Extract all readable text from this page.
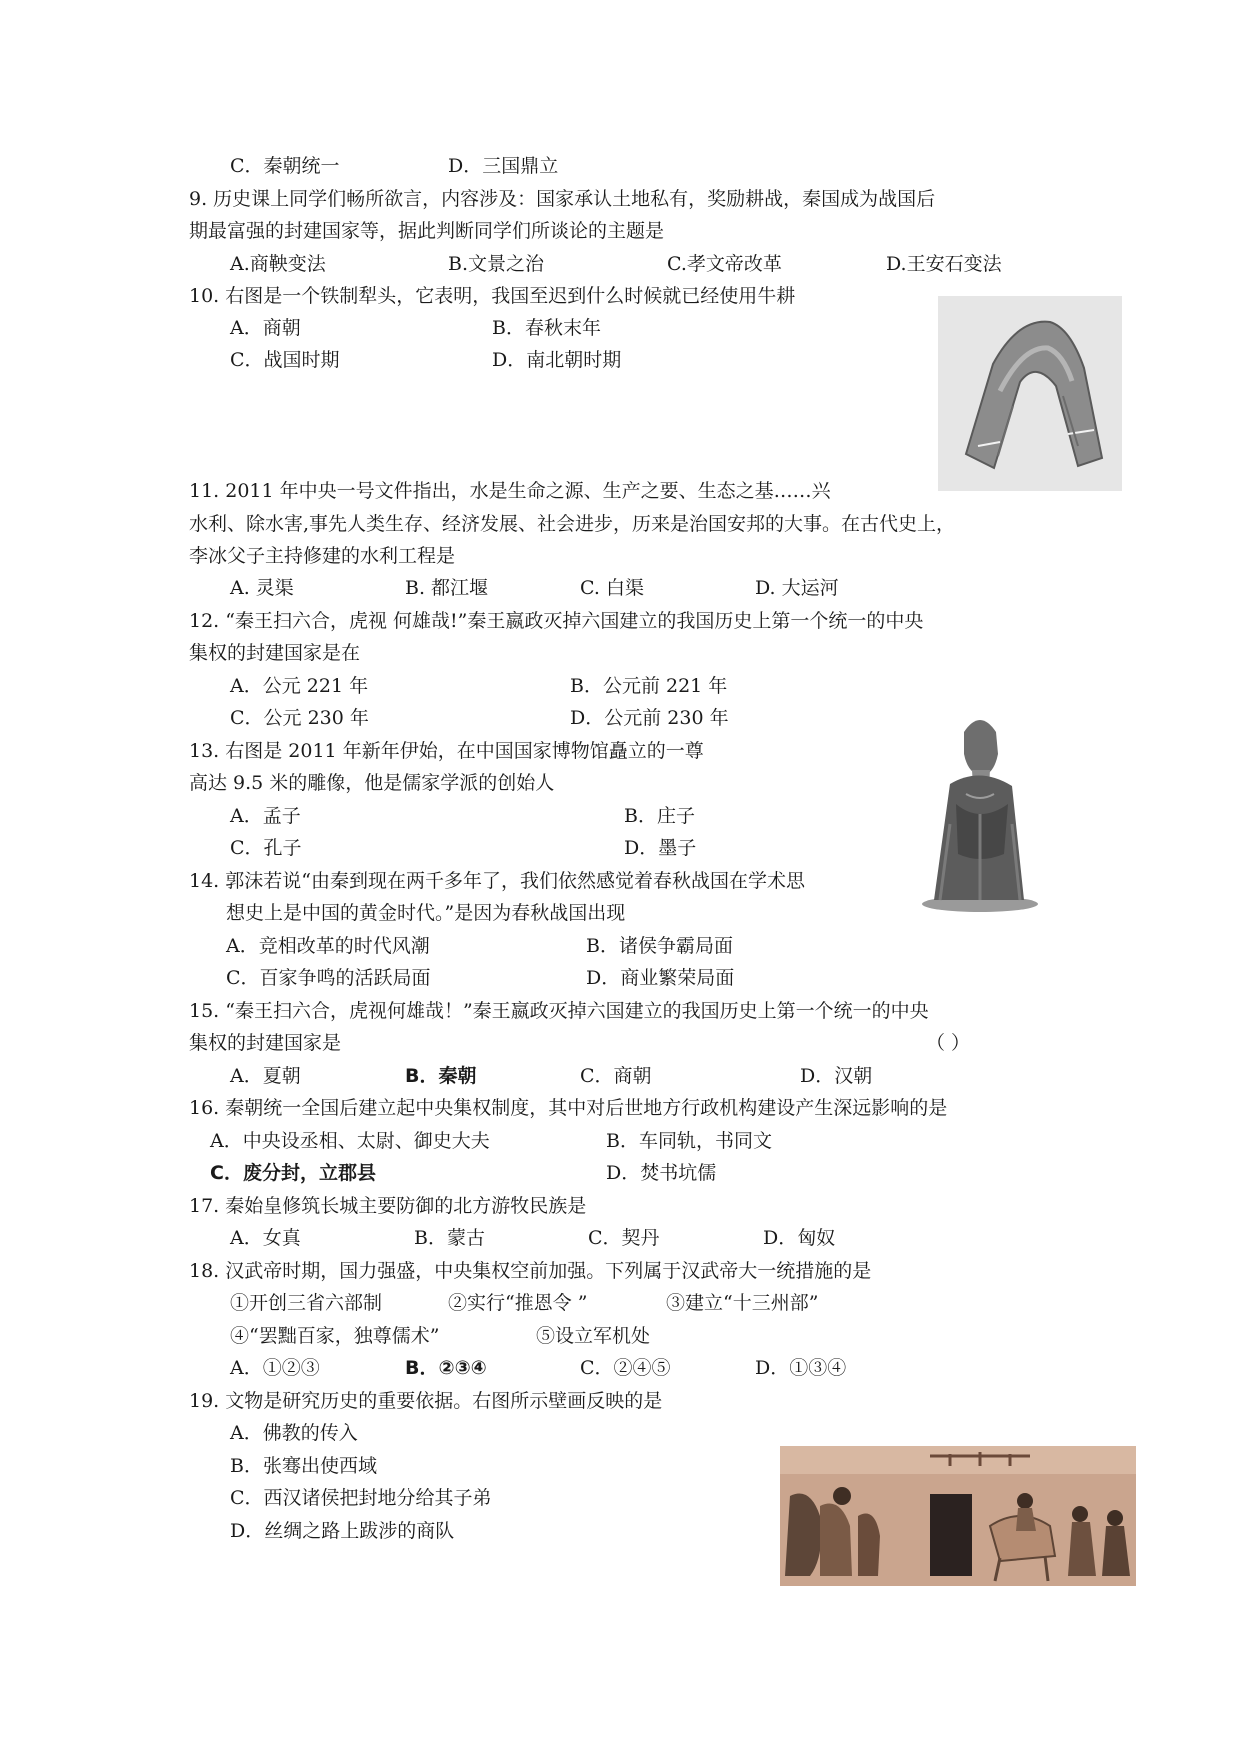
C．秦朝统一	D．三国鼎立
9. 历史课上同学们畅所欲言，内容涉及：国家承认土地私有，奖励耕战，秦国成为战国后
期最富强的封建国家等，据此判断同学们所谈论的主题是
A.商鞅变法	B.文景之治	C.孝文帝改革	D.王安石变法
10. 右图是一个铁制犁头，它表明，我国至迟到什么时候就已经使用牛耕
A．商朝	B．春秋末年
C．战国时期	D．南北朝时期
11. 2011 年中央一号文件指出，水是生命之源、生产之要、生态之基……兴
水利、除水害,事先人类生存、经济发展、社会进步，历来是治国安邦的大事。在古代史上，
李冰父子主持修建的水利工程是
A. 灵渠	B. 都江堰	C. 白渠	D. 大运河
12. “秦王扫六合，虎视 何雄哉!”秦王嬴政灭掉六国建立的我国历史上第一个统一的中央
集权的封建国家是在
A．公元 221 年	B．公元前 221 年
C．公元 230 年	D．公元前 230 年
13. 右图是 2011 年新年伊始，在中国国家博物馆矗立的一尊
高达 9.5 米的雕像，他是儒家学派的创始人
A．孟子	B．庄子
C．孔子	D．墨子
14. 郭沫若说“由秦到现在两千多年了，我们依然感觉着春秋战国在学术思
想史上是中国的黄金时代。”是因为春秋战国出现
A．竞相改革的时代风潮	B．诸侯争霸局面
C．百家争鸣的活跃局面	D．商业繁荣局面
15. “秦王扫六合，虎视何雄哉！”秦王嬴政灭掉六国建立的我国历史上第一个统一的中央
集权的封建国家是	（ ）
A．夏朝	B．秦朝	C．商朝	D．汉朝
16. 秦朝统一全国后建立起中央集权制度，其中对后世地方行政机构建设产生深远影响的是
A．中央设丞相、太尉、御史大夫	B．车同轨，书同文
C．废分封，立郡县	D．焚书坑儒
17. 秦始皇修筑长城主要防御的北方游牧民族是
A．女真	B．蒙古	C．契丹	D．匈奴
18. 汉武帝时期，国力强盛，中央集权空前加强。下列属于汉武帝大一统措施的是
①开创三省六部制	②实行“推恩令 ”	③建立“十三州部”
④“罢黜百家，独尊儒术”	⑤设立军机处
A．①②③	B．②③④	C．②④⑤	D．①③④
19. 文物是研究历史的重要依据。右图所示壁画反映的是
A．佛教的传入
B．张骞出使西域
C．西汉诸侯把封地分给其子弟
D．丝绸之路上跋涉的商队
